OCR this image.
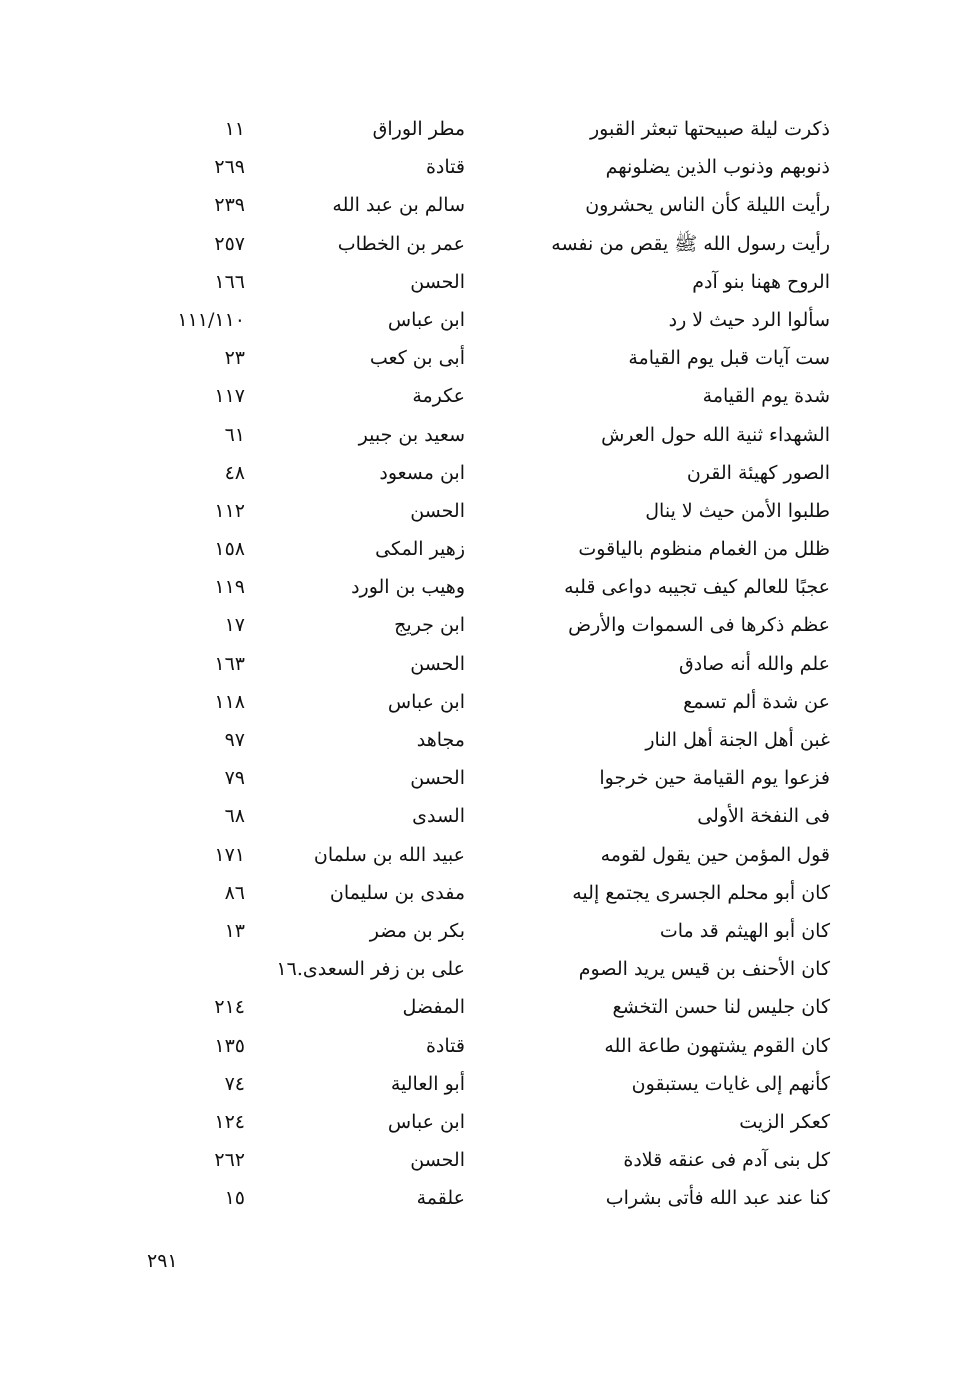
ذكرت ليلة صبيحتها تبعثر القبور
مطر الوراق
١١
ذنوبهم وذنوب الذين يضلونهم
قتادة
٢٦٩
رأيت الليلة كأن الناس يحشرون
سالم بن عبد الله
٢٣٩
رأيت رسول الله ﷺ يقص من نفسه
عمر بن الخطاب
٢٥٧
الروح ههنا بنو آدم
الحسن
١٦٦
سألوا الرد حيث لا رد
ابن عباس
١١١/١١٠
ست آيات قبل يوم القيامة
أبى بن كعب
٢٣
شدة يوم القيامة
عكرمة
١١٧
الشهداء ثنية الله حول العرش
سعيد بن جبير
٦١
الصور كهيئة القرن
ابن مسعود
٤٨
طلبوا الأمن حيث لا ينال
الحسن
١١٢
ظلل من الغمام منظوم بالياقوت
زهير المكى
١٥٨
عجبًا للعالم كيف تجيبه دواعى قلبه
وهيب بن الورد
١١٩
عظم ذكرها فى السموات والأرض
ابن جريج
١٧
علم والله أنه صادق
الحسن
١٦٣
عن شدة ألم تسمع
ابن عباس
١١٨
غبن أهل الجنة أهل النار
مجاهد
٩٧
فزعوا يوم القيامة حين خرجوا
الحسن
٧٩
فى النفخة الأولى
السدى
٦٨
قول المؤمن حين يقول لقومه
عبيد الله بن سلمان
١٧١
كان أبو محلم الجسرى يجتمع إليه
مفدى بن سليمان
٨٦
كان أبو الهيثم قد مات
بكر بن مضر
١٣
كان الأحنف بن قيس يريد الصوم
على بن زفر السعدى.١٦
كان جليس لنا حسن التخشع
المفضل
٢١٤
كان القوم يشتهون طاعة الله
قتادة
١٣٥
كأنهم إلى غايات يستبقون
أبو العالية
٧٤
كعكر الزيت
ابن عباس
١٢٤
كل بنى آدم فى عنقه قلادة
الحسن
٢٦٢
كنا عند عبد الله فأتى بشراب
علقمة
١٥
٢٩١
